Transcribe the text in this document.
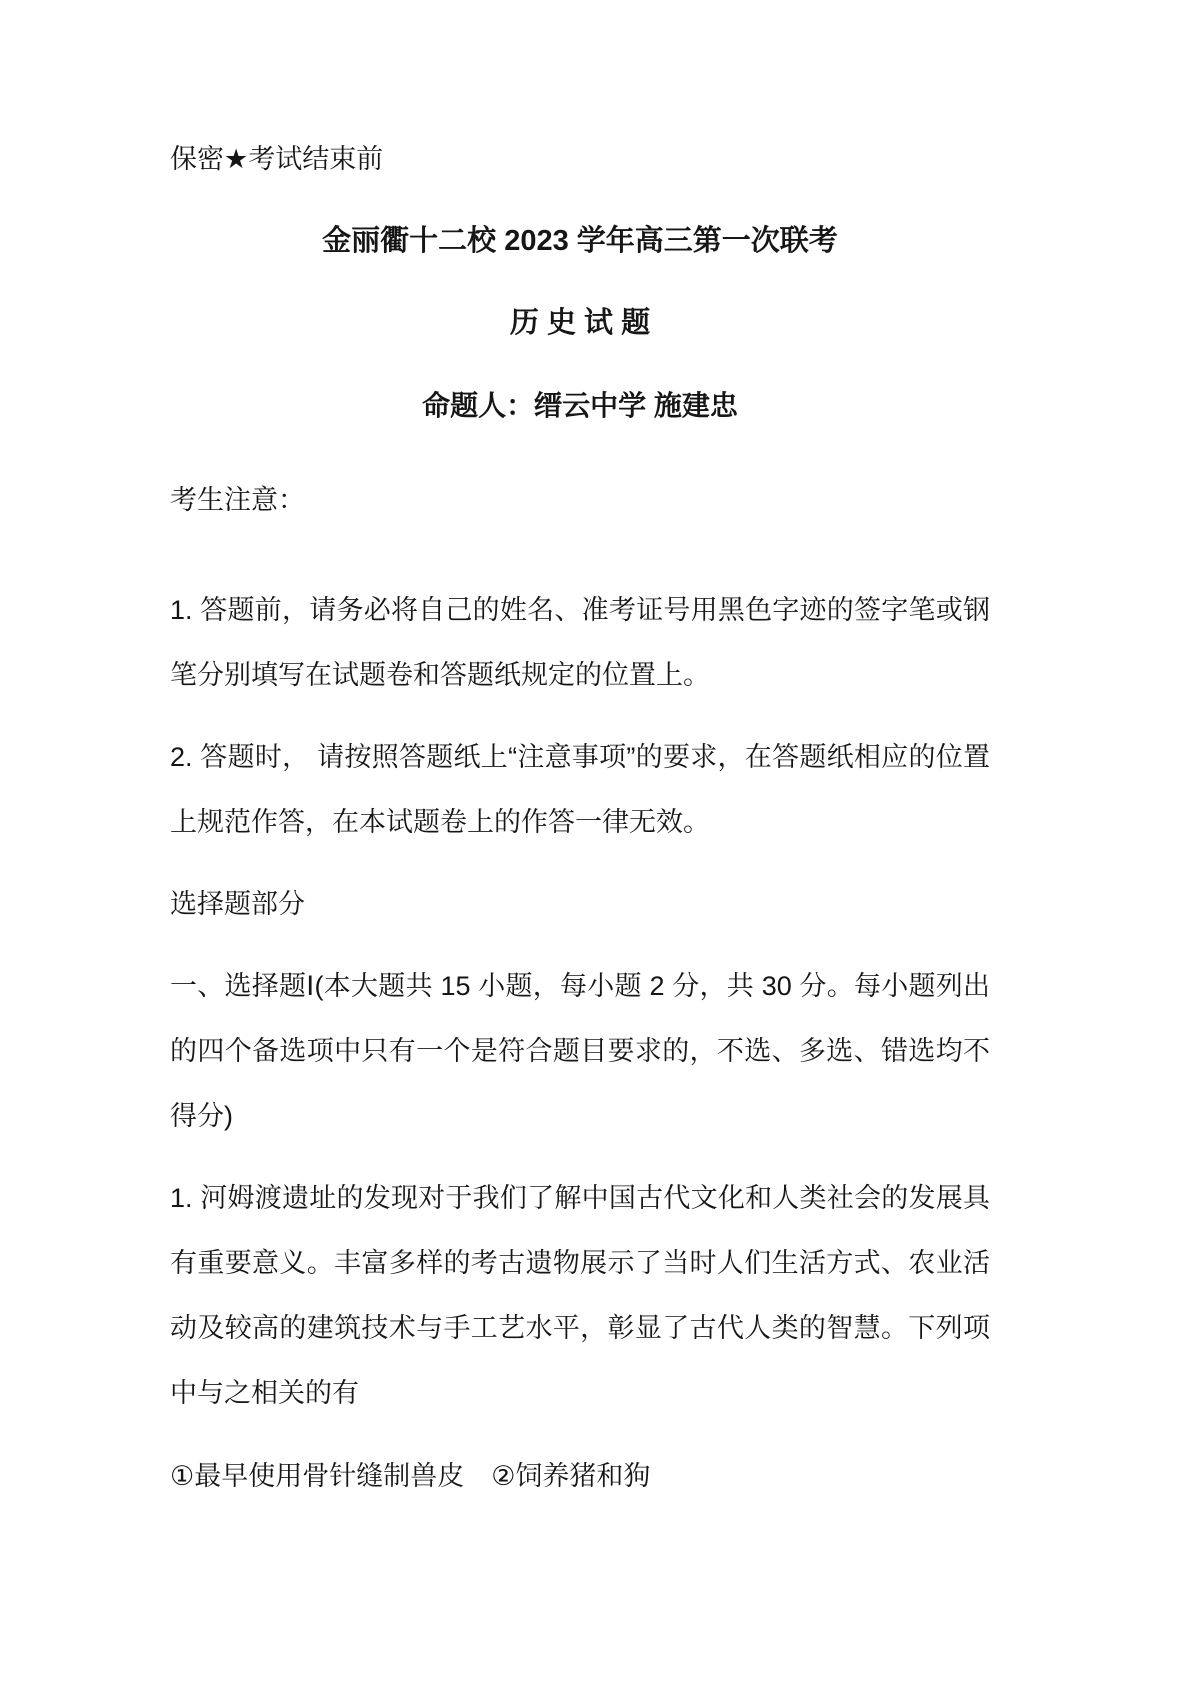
保密★考试结束前

金丽衢十二校 2023 学年高三第一次联考

历 史 试 题

命题人：缙云中学 施建忠

考生注意：

1. 答题前，请务必将自己的姓名、准考证号用黑色字迹的签字笔或钢笔分别填写在试题卷和答题纸规定的位置上。

2. 答题时， 请按照答题纸上“注意事项”的要求，在答题纸相应的位置上规范作答，在本试题卷上的作答一律无效。

选择题部分

一、选择题Ⅰ(本大题共 15 小题，每小题 2 分，共 30 分。每小题列出的四个备选项中只有一个是符合题目要求的，不选、多选、错选均不得分)

1. 河姆渡遗址的发现对于我们了解中国古代文化和人类社会的发展具有重要意义。丰富多样的考古遗物展示了当时人们生活方式、农业活动及较高的建筑技术与手工艺水平，彰显了古代人类的智慧。下列项中与之相关的有

①最早使用骨针缝制兽皮　②饲养猪和狗
